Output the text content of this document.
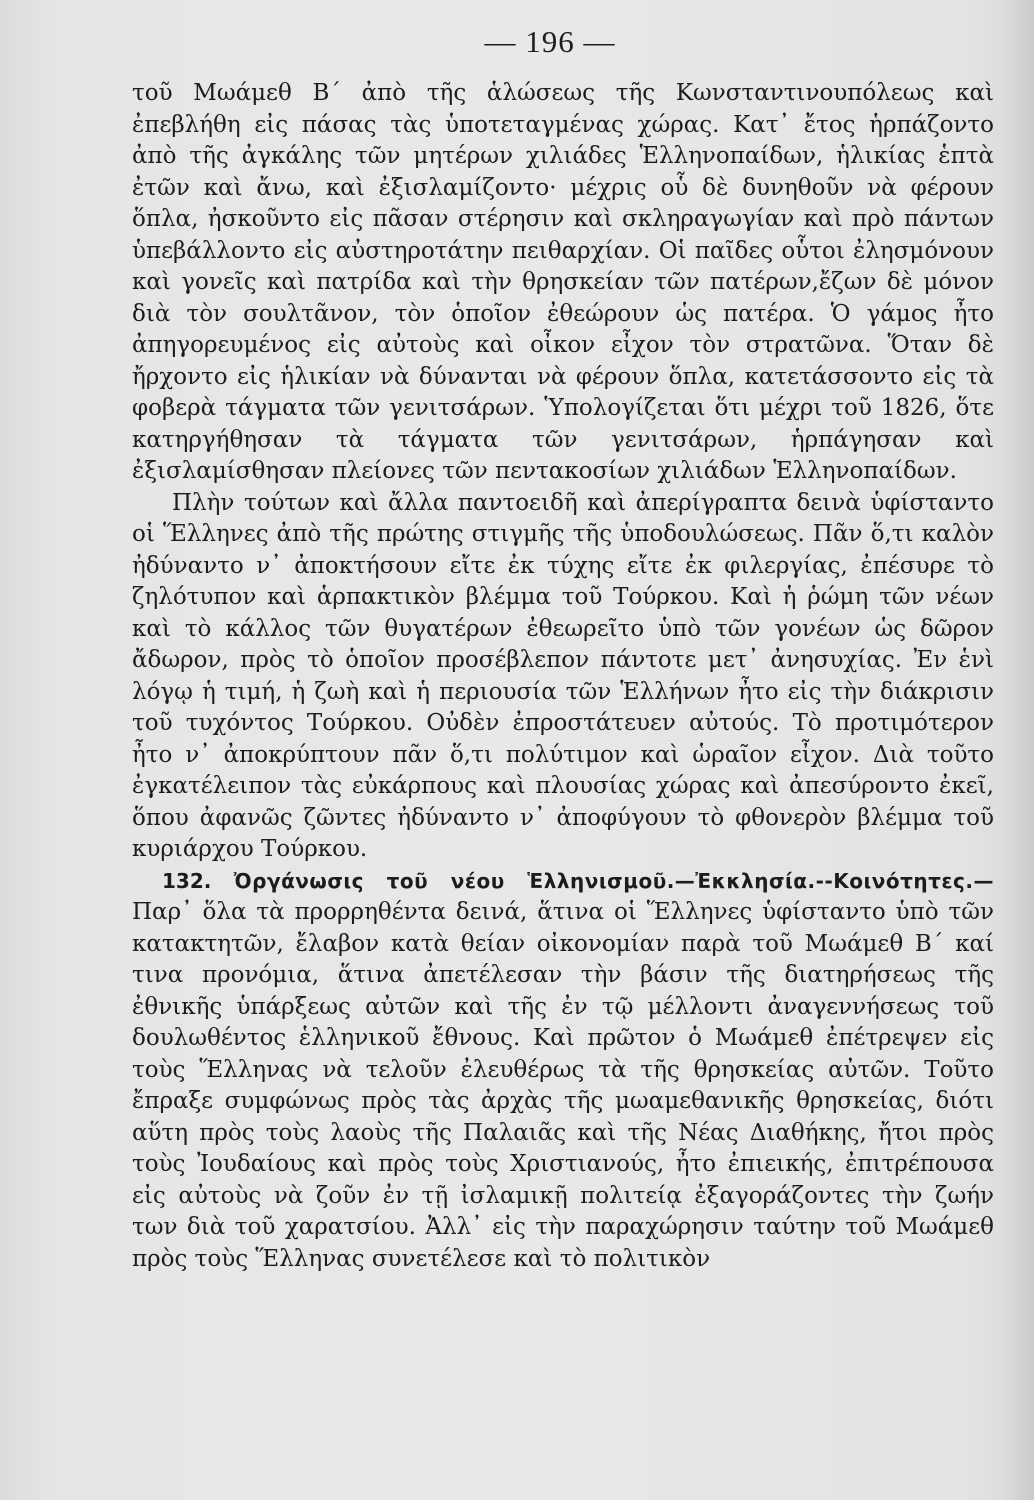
— 196 —

τοῦ Μωάμεθ Β΄ ἀπὸ τῆς ἁλώσεως τῆς Κωνσταντινουπόλεως καὶ ἐπεβλήθη εἰς πάσας τὰς ὑποτεταγμένας χώρας. Κατ᾽ ἔτος ἡρπάζοντο ἀπὸ τῆς ἀγκάλης τῶν μητέρων χιλιάδες Ἑλληνοπαίδων, ἡλικίας ἑπτὰ ἐτῶν καὶ ἄνω, καὶ ἐξισλαμίζοντο· μέχρις οὗ δὲ δυνηθοῦν νὰ φέρουν ὅπλα, ἠσκοῦντο εἰς πᾶσαν στέρησιν καὶ σκληραγωγίαν καὶ πρὸ πάντων ὑπεβάλλοντο εἰς αὐστηροτάτην πειθαρχίαν. Οἱ παῖδες οὗτοι ἐλησμόνουν καὶ γονεῖς καὶ πατρίδα καὶ τὴν θρησκείαν τῶν πατέρων,ἔζων δὲ μόνον διὰ τὸν σουλτᾶνον, τὸν ὁποῖον ἐθεώρουν ὡς πατέρα. Ὁ γάμος ἦτο ἀπηγορευμένος εἰς αὐτοὺς καὶ οἶκον εἶχον τὸν στρατῶνα. Ὅταν δὲ ἤρχοντο εἰς ἡλικίαν νὰ δύνανται νὰ φέρουν ὅπλα, κατετάσσοντο εἰς τὰ φοβερὰ τάγματα τῶν γενιτσάρων. Ὑπολογίζεται ὅτι μέχρι τοῦ 1826, ὅτε κατηργήθησαν τὰ τάγματα τῶν γενιτσάρων, ἡρπάγησαν καὶ ἐξισλαμίσθησαν πλείονες τῶν πεντακοσίων χιλιάδων Ἑλληνοπαίδων.

Πλὴν τούτων καὶ ἄλλα παντοειδῆ καὶ ἀπερίγραπτα δεινὰ ὑφίσταντο οἱ Ἕλληνες ἀπὸ τῆς πρώτης στιγμῆς τῆς ὑποδουλώσεως. Πᾶν ὅ,τι καλὸν ἠδύναντο ν᾽ ἀποκτήσουν εἴτε ἐκ τύχης εἴτε ἐκ φιλεργίας, ἐπέσυρε τὸ ζηλότυπον καὶ ἁρπακτικὸν βλέμμα τοῦ Τούρκου. Καὶ ἡ ῥώμη τῶν νέων καὶ τὸ κάλλος τῶν θυγατέρων ἐθεωρεῖτο ὑπὸ τῶν γονέων ὡς δῶρον ἄδωρον, πρὸς τὸ ὁποῖον προσέβλεπον πάντοτε μετ᾽ ἀνησυχίας. Ἐν ἑνὶ λόγῳ ἡ τιμή, ἡ ζωὴ καὶ ἡ περιουσία τῶν Ἑλλήνων ἦτο εἰς τὴν διάκρισιν τοῦ τυχόντος Τούρκου. Οὐδὲν ἐπροστάτευεν αὐτούς. Τὸ προτιμότερον ἦτο ν᾽ ἀποκρύπτουν πᾶν ὅ,τι πολύτιμον καὶ ὡραῖον εἶχον. Διὰ τοῦτο ἐγκατέλειπον τὰς εὐκάρπους καὶ πλουσίας χώρας καὶ ἀπεσύροντο ἐκεῖ, ὅπου ἀφανῶς ζῶντες ἠδύναντο ν᾽ ἀποφύγουν τὸ φθονερὸν βλέμμα τοῦ κυριάρχου Τούρκου.

132. Ὀργάνωσις τοῦ νέου Ἑλληνισμοῦ.—Ἐκκλησία.--Κοινότητες.— Παρ᾽ ὅλα τὰ προρρηθέντα δεινά, ἅτινα οἱ Ἕλληνες ὑφίσταντο ὑπὸ τῶν κατακτητῶν, ἔλαβον κατὰ θείαν οἰκονομίαν παρὰ τοῦ Μωάμεθ Β΄ καί τινα προνόμια, ἅτινα ἀπετέλεσαν τὴν βάσιν τῆς διατηρήσεως τῆς ἐθνικῆς ὑπάρξεως αὐτῶν καὶ τῆς ἐν τῷ μέλλοντι ἀναγεννήσεως τοῦ δουλωθέντος ἑλληνικοῦ ἔθνους. Καὶ πρῶτον ὁ Μωάμεθ ἐπέτρεψεν εἰς τοὺς Ἕλληνας νὰ τελοῦν ἐλευθέρως τὰ τῆς θρησκείας αὐτῶν. Τοῦτο ἔπραξε συμφώνως πρὸς τὰς ἀρχὰς τῆς μωαμεθανικῆς θρησκείας, διότι αὕτη πρὸς τοὺς λαοὺς τῆς Παλαιᾶς καὶ τῆς Νέας Διαθήκης, ἤτοι πρὸς τοὺς Ἰουδαίους καὶ πρὸς τοὺς Χριστιανούς, ἦτο ἐπιεικής, ἐπιτρέπουσα εἰς αὐτοὺς νὰ ζοῦν ἐν τῇ ἰσλαμικῇ πολιτείᾳ ἐξαγοράζοντες τὴν ζωήν των διὰ τοῦ χαρατσίου. Ἀλλ᾽ εἰς τὴν παραχώρησιν ταύτην τοῦ Μωάμεθ πρὸς τοὺς Ἕλληνας συνετέλεσε καὶ τὸ πολιτικὸν
